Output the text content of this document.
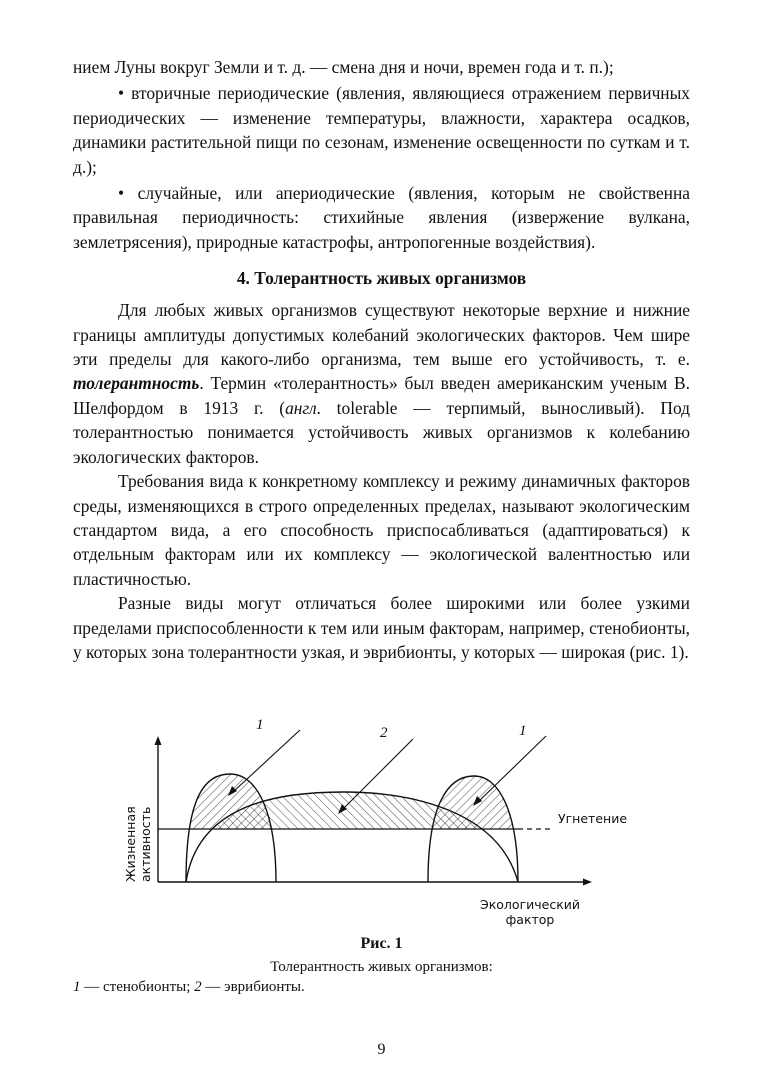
нием Луны вокруг Земли и т. д. — смена дня и ночи, времен года и т. п.);

• вторичные периодические (явления, являющиеся отражением первичных периодических — изменение температуры, влажности, характера осадков, динамики растительной пищи по сезонам, изменение освещенности по суткам и т. д.);

• случайные, или апериодические (явления, которым не свойственна правильная периодичность: стихийные явления (извержение вулкана, землетрясения), природные катастрофы, антропогенные воздействия).

4. Толерантность живых организмов

Для любых живых организмов существуют некоторые верхние и нижние границы амплитуды допустимых колебаний экологических факторов. Чем шире эти пределы для какого-либо организма, тем выше его устойчивость, т. е. толерантность. Термин «толерантность» был введен американским ученым В. Шелфордом в 1913 г. (англ. tolerable — терпимый, выносливый). Под толерантностью понимается устойчивость живых организмов к колебанию экологических факторов.

Требования вида к конкретному комплексу и режиму динамичных факторов среды, изменяющихся в строго определенных пределах, называют экологическим стандартом вида, а его способность приспосабливаться (адаптироваться) к отдельным факторам или их комплексу — экологической валентностью или пластичностью.

Разные виды могут отличаться более широкими или более узкими пределами приспособленности к тем или иным факторам, например, стенобионты, у которых зона толерантности узкая, и эврибионты, у которых — широкая (рис. 1).

1	2	1
Угнетение
Жизненная активность
Экологический
фактор
Рис. 1
Толерантность живых организмов:
1 — стенобионты; 2 — эврибионты.
9
